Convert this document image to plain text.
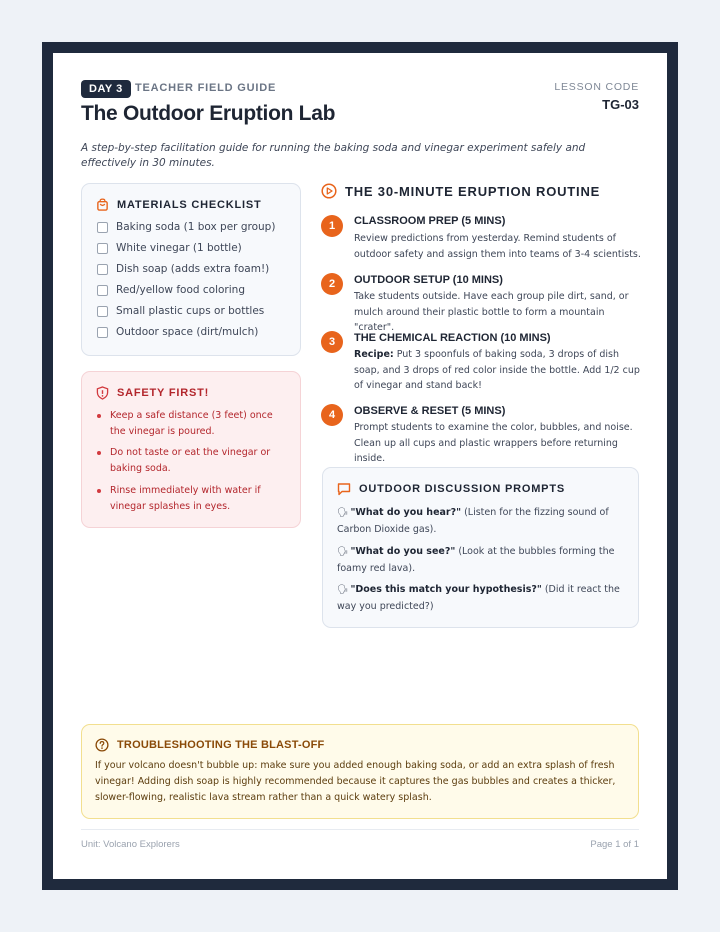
DAY 3	TEACHER FIELD GUIDE	LESSON CODE
TG-03
The Outdoor Eruption Lab
A step-by-step facilitation guide for running the baking soda and vinegar experiment safely and effectively in 30 minutes.
MATERIALS CHECKLIST
Baking soda (1 box per group)
White vinegar (1 bottle)
Dish soap (adds extra foam!)
Red/yellow food coloring
Small plastic cups or bottles
Outdoor space (dirt/mulch)
SAFETY FIRST!
Keep a safe distance (3 feet) once the vinegar is poured.
Do not taste or eat the vinegar or baking soda.
Rinse immediately with water if vinegar splashes in eyes.
THE 30-MINUTE ERUPTION ROUTINE
1	CLASSROOM PREP (5 MINS)
Review predictions from yesterday. Remind students of outdoor safety and assign them into teams of 3-4 scientists.
2	OUTDOOR SETUP (10 MINS)
Take students outside. Have each group pile dirt, sand, or mulch around their plastic bottle to form a mountain "crater".
3	THE CHEMICAL REACTION (10 MINS)
Recipe: Put 3 spoonfuls of baking soda, 3 drops of dish soap, and 3 drops of red color inside the bottle. Add 1/2 cup of vinegar and stand back!
4	OBSERVE & RESET (5 MINS)
Prompt students to examine the color, bubbles, and noise. Clean up all cups and plastic wrappers before returning inside.
OUTDOOR DISCUSSION PROMPTS
🗣 "What do you hear?" (Listen for the fizzing sound of Carbon Dioxide gas).
🗣 "What do you see?" (Look at the bubbles forming the foamy red lava).
🗣 "Does this match your hypothesis?" (Did it react the way you predicted?)
TROUBLESHOOTING THE BLAST-OFF
If your volcano doesn't bubble up: make sure you added enough baking soda, or add an extra splash of fresh vinegar! Adding dish soap is highly recommended because it captures the gas bubbles and creates a thicker, slower-flowing, realistic lava stream rather than a quick watery splash.
Unit: Volcano Explorers	Page 1 of 1
